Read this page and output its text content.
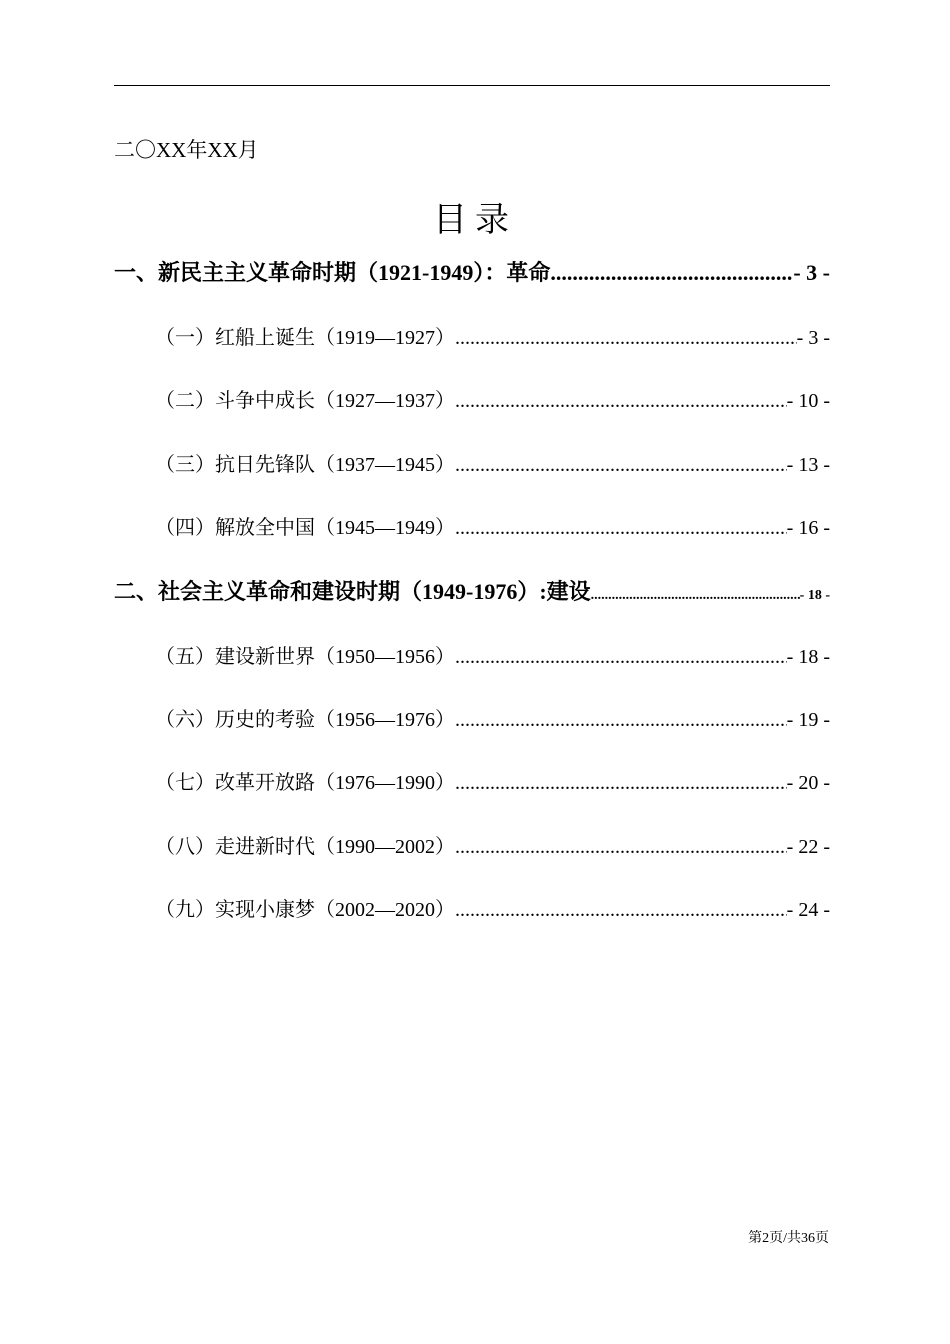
二〇XX年XX月
目录
一、新民主主义革命时期（1921-1949）：革命 .....	- 3 -
（一）红船上诞生（1919—1927） .....	- 3 -
（二）斗争中成长（1927—1937） .....	- 10 -
（三）抗日先锋队（1937—1945） .....	- 13 -
（四）解放全中国（1945—1949） .....	- 16 -
二、社会主义革命和建设时期（1949-1976）:建设 .....	- 18 -
（五）建设新世界（1950—1956） .....	- 18 -
（六）历史的考验（1956—1976） .....	- 19 -
（七）改革开放路（1976—1990） .....	- 20 -
（八）走进新时代（1990—2002） .....	- 22 -
（九）实现小康梦（2002—2020） .....	- 24 -
第2页/共36页
